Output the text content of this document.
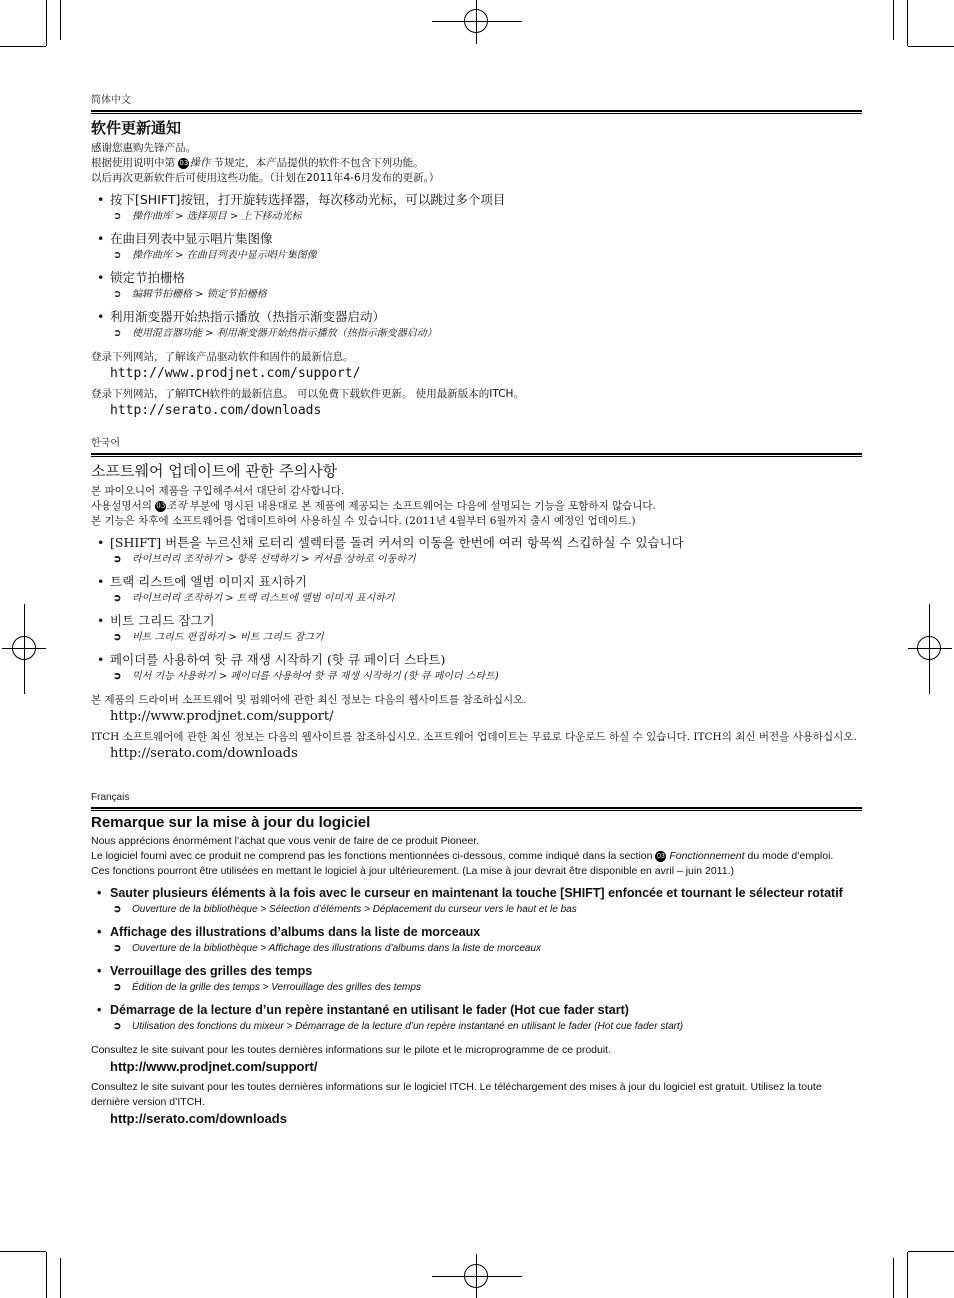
简体中文
软件更新通知
感谢您惠购先锋产品。
根据使用说明中第 03操作 节规定，本产品提供的软件不包含下列功能。
以后再次更新软件后可使用这些功能。（计划在2011年4-6月发布的更新。）
• 按下[SHIFT]按钮，打开旋转选择器，每次移动光标，可以跳过多个项目
➲ 操作曲库 > 选择项目 > 上下移动光标
• 在曲目列表中显示唱片集图像
➲ 操作曲库 > 在曲目列表中显示唱片集图像
• 锁定节拍栅格
➲ 编辑节拍栅格 > 锁定节拍栅格
• 利用渐变器开始热指示播放（热指示渐变器启动）
➲ 使用混音器功能 > 利用渐变器开始热指示播放（热指示渐变器启动）
登录下列网站，了解该产品驱动软件和固件的最新信息。
http://www.prodjnet.com/support/
登录下列网站，了解ITCH软件的最新信息。 可以免费下载软件更新。 使用最新版本的ITCH。
http://serato.com/downloads
한국어
소프트웨어 업데이트에 관한 주의사항
본 파이오니어 제품을 구입해주셔서 대단히 감사합니다.
사용설명서의 03조작 부분에 명시된 내용대로 본 제품에 제공되는 소프트웨어는 다음에 설명되는 기능을 포함하지 않습니다.
본 기능은 차후에 소프트웨어를 업데이트하여 사용하실 수 있습니다. (2011년 4월부터 6월까지 출시 예정인 업데이트.)
• [SHIFT] 버튼을 누르신채 로터리 셀렉터를 돌려 커서의 이동을 한번에 여러 항목씩 스킵하실 수 있습니다
➲ 라이브러리 조작하기 > 항목 선택하기 > 커서를 상하로 이동하기
• 트랙 리스트에 앨범 이미지 표시하기
➲ 라이브러리 조작하기 > 트랙 리스트에 앨범 이미지 표시하기
• 비트 그리드 잠그기
➲ 비트 그리드 편집하기 > 비트 그리드 잠그기
• 페이더를 사용하여 핫 큐 재생 시작하기 (핫 큐 페이더 스타트)
➲ 믹서 기능 사용하기 > 페이더를 사용하여 핫 큐 재생 시작하기 (핫 큐 페이더 스타트)
본 제품의 드라이버 소프트웨어 및 펌웨어에 관한 최신 정보는 다음의 웹사이트를 참조하십시오.
http://www.prodjnet.com/support/
ITCH 소프트웨어에 관한 최신 정보는 다음의 웹사이트를 참조하십시오. 소프트웨어 업데이트는 무료로 다운로드 하실 수 있습니다. ITCH의 최신 버전을 사용하십시오.
http://serato.com/downloads
Français
Remarque sur la mise à jour du logiciel
Nous apprécions énormément l’achat que vous venir de faire de ce produit Pioneer.
Le logiciel fourni avec ce produit ne comprend pas les fonctions mentionnées ci-dessous, comme indiqué dans la section 03 Fonctionnement du mode d’emploi.
Ces fonctions pourront être utilisées en mettant le logiciel à jour ultérieurement. (La mise à jour devrait être disponible en avril – juin 2011.)
• Sauter plusieurs éléments à la fois avec le curseur en maintenant la touche [SHIFT] enfoncée et tournant le sélecteur rotatif
➲ Ouverture de la bibliothèque > Sélection d’éléments > Déplacement du curseur vers le haut et le bas
• Affichage des illustrations d’albums dans la liste de morceaux
➲ Ouverture de la bibliothèque > Affichage des illustrations d’albums dans la liste de morceaux
• Verrouillage des grilles des temps
➲ Édition de la grille des temps > Verrouillage des grilles des temps
• Démarrage de la lecture d’un repère instantané en utilisant le fader (Hot cue fader start)
➲ Utilisation des fonctions du mixeur > Démarrage de la lecture d’un repère instantané en utilisant le fader (Hot cue fader start)
Consultez le site suivant pour les toutes dernières informations sur le pilote et le microprogramme de ce produit.
http://www.prodjnet.com/support/
Consultez le site suivant pour les toutes dernières informations sur le logiciel ITCH. Le téléchargement des mises à jour du logiciel est gratuit. Utilisez la toute dernière version d’ITCH.
http://serato.com/downloads
